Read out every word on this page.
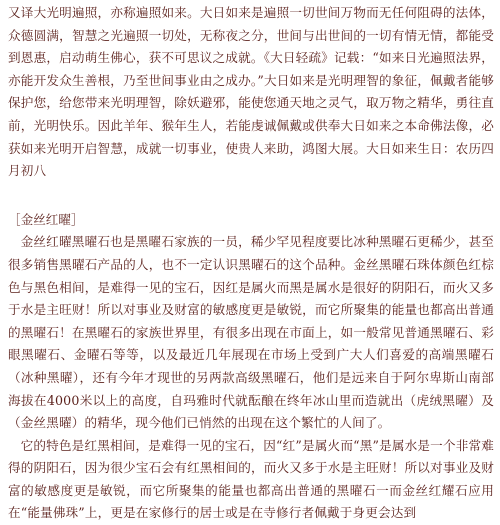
又译大光明遍照，亦称遍照如来。大日如来是遍照一切世间万物而无任何阻碍的法体，众德圆满，智慧之光遍照一切处，无称夜之分，世间与出世间的一切有情无情，都能受到恩惠，启动萌生佛心，获不可思议之成就。《大日轻疏》记载：“如来日光遍照法界，亦能开发众生善根，乃至世间事业由之成办。”大日如来是光明理智的象征，佩戴者能够保护您，给您带来光明理智，除妖避邪，能使您通天地之灵气，取万物之精华，勇往直前，光明快乐。因此羊年、猴年生人，若能虔诚佩戴或供奉大日如来之本命佛法像，必获如来光明开启智慧，成就一切事业，使贵人来助，鸿图大展。大日如来生日：农历四月初八

［金丝红曜］

金丝红曜黑曜石也是黑曜石家族的一员，稀少罕见程度要比冰种黑曜石更稀少，甚至很多销售黑曜石产品的人，也不一定认识黑曜石的这个品种。金丝黑曜石珠体颜色红棕色与黑色相间，是难得一见的宝石，因红是属火而黑是属水是很好的阴阳石，而火又多于水是主旺财！所以对事业及财富的敏感度更是敏锐，而它所聚集的能量也都高出普通的黑曜石！在黑曜石的家族世界里，有很多出现在市面上，如一般常见普通黑曜石、彩眼黑曜石、金曜石等等，以及最近几年展现在市场上受到广大人们喜爱的高端黑曜石（冰种黑曜），还有今年才现世的另两款高级黑曜石，他们是远来自于阿尔卑斯山南部海拔在4000米以上的高度，自玛雅时代就酝酿在终年冰山里而造就出（虎绒黑曜）及（金丝黑曜）的精华，现今他们已悄然的出现在这个繁忙的人间了。

它的特色是红黑相间，是难得一见的宝石，因“红”是属火而“黑”是属水是一个非常难得的阴阳石，因为很少宝石会有红黑相间的，而火又多于水是主旺财！所以对事业及财富的敏感度更是敏锐，而它所聚集的能量也都高出普通的黑曜石一而金丝红耀石应用在“能量佛珠”上，更是在家修行的居士或是在寺修行者佩戴于身更会达到
